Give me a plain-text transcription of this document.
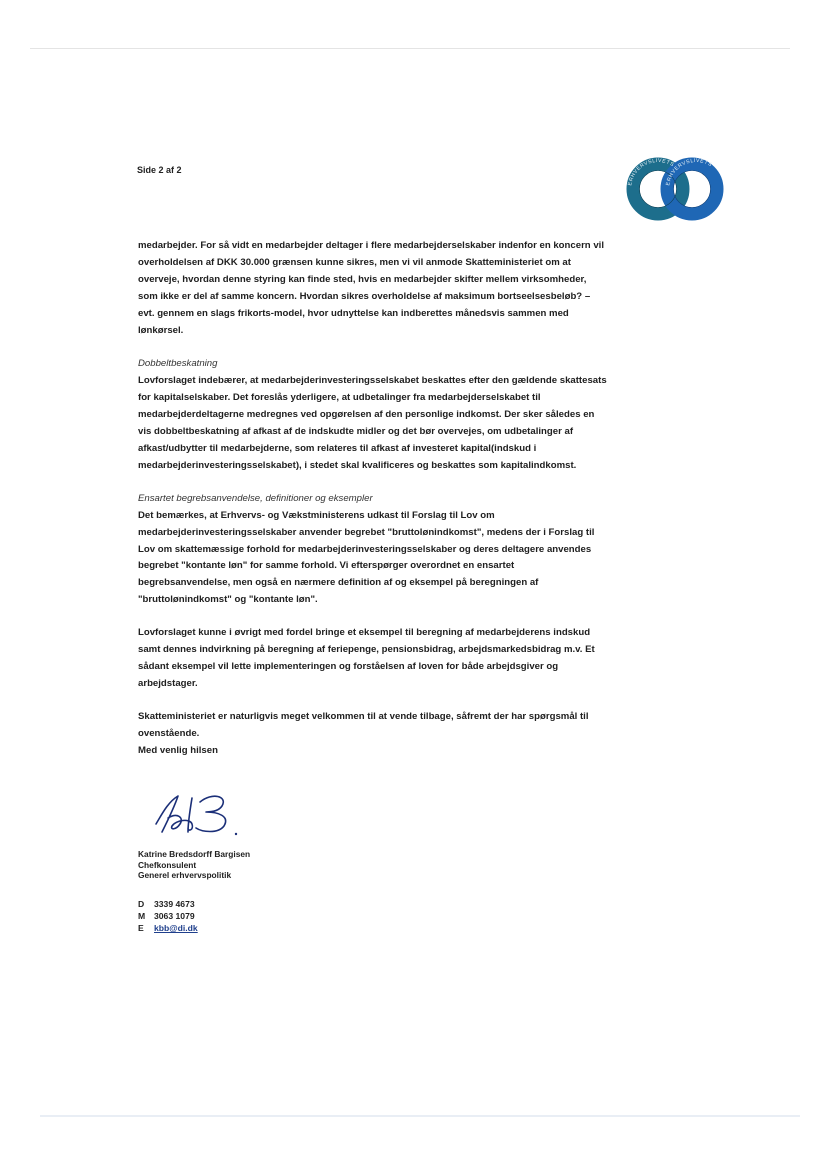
Side 2 af 2
ERHVERVSLIVETS
ERHVERVSLIVETS

medarbejder. For så vidt en medarbejder deltager i flere medarbejderselskaber indenfor en koncern vil overholdelsen af DKK 30.000 grænsen kunne sikres, men vi vil anmode Skatteministeriet om at overveje, hvordan denne styring kan finde sted, hvis en medarbejder skifter mellem virksomheder, som ikke er del af samme koncern. Hvordan sikres overholdelse af maksimum bortseelsesbeløb? – evt. gennem en slags frikorts-model, hvor udnyttelse kan indberettes månedsvis sammen med lønkørsel.

Dobbeltbeskatning

Lovforslaget indebærer, at medarbejderinvesteringsselskabet beskattes efter den gældende skattesats for kapitalselskaber. Det foreslås yderligere, at udbetalinger fra medarbejderselskabet til medarbejderdeltagerne medregnes ved opgørelsen af den personlige indkomst. Der sker således en vis dobbeltbeskatning af afkast af de indskudte midler og det bør overvejes, om udbetalinger af afkast/udbytter til medarbejderne, som relateres til afkast af investeret kapital(indskud i medarbejderinvesteringsselskabet), i stedet skal kvalificeres og beskattes som kapitalindkomst.

Ensartet begrebsanvendelse, definitioner og eksempler

Det bemærkes, at Erhvervs- og Vækstministerens udkast til Forslag til Lov om medarbejderinvesteringsselskaber anvender begrebet "bruttolønindkomst", medens der i Forslag til Lov om skattemæssige forhold for medarbejderinvesteringsselskaber og deres deltagere anvendes begrebet "kontante løn" for samme forhold. Vi efterspørger overordnet en ensartet begrebsanvendelse, men også en nærmere definition af og eksempel på beregningen af "bruttolønindkomst" og "kontante løn".

Lovforslaget kunne i øvrigt med fordel bringe et eksempel til beregning af medarbejderens indskud samt dennes indvirkning på beregning af feriepenge, pensionsbidrag, arbejdsmarkedsbidrag m.v. Et sådant eksempel vil lette implementeringen og forståelsen af loven for både arbejdsgiver og arbejdstager.

Skatteministeriet er naturligvis meget velkommen til at vende tilbage, såfremt der har spørgsmål til ovenstående.

Med venlig hilsen

Katrine Bredsdorff Bargisen
Chefkonsulent
Generel erhvervspolitik
D 3339 4673
M 3063 1079
E kbb@di.dk
